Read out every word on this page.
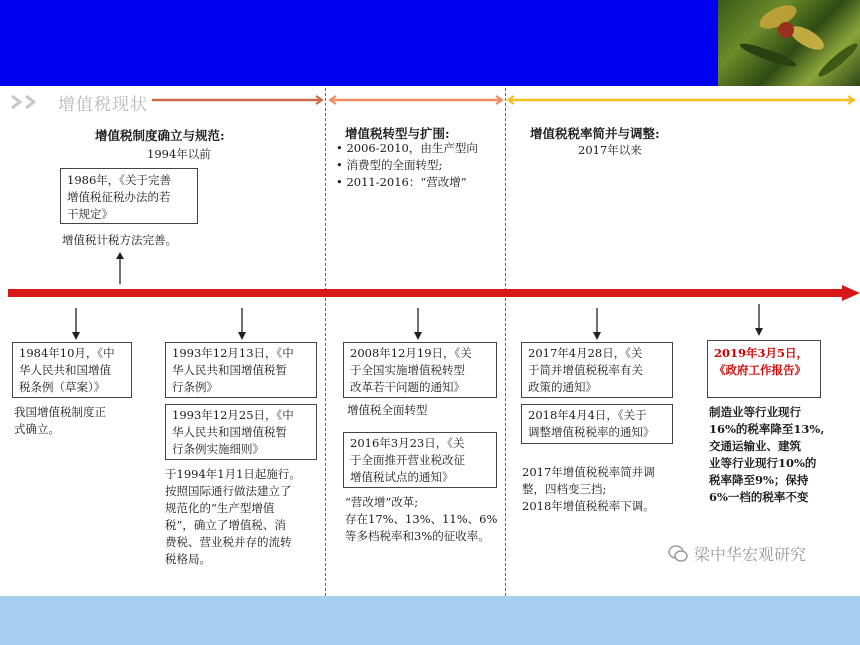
增值税现状
增值税制度确立与规范:
1994年以前
增值税转型与扩围:
• 2006-2010，由生产型向
• 消费型的全面转型;
• 2011-2016：“营改增”
增值税税率简并与调整:
2017年以来
1986年，《关于完善
增值税征税办法的若
干规定》
增值税计税方法完善。
1984年10月，《中
华人民共和国增值
税条例（草案）》
我国增值税制度正
式确立。
1993年12月13日，《中
华人民共和国增值税暂
行条例》
1993年12月25日，《中
华人民共和国增值税暂
行条例实施细则》
于1994年1月1日起施行。
按照国际通行做法建立了
规范化的“生产型增值
税”，确立了增值税、消
费税、营业税并存的流转
税格局。
2008年12月19日，《关
于全国实施增值税转型
改革若干问题的通知》
增值税全面转型
2016年3月23日，《关
于全面推开营业税改征
增值税试点的通知》
“营改增”改革;
存在17%、13%、11%、6%
等多档税率和3%的征收率。
2017年4月28日，《关
于简并增值税税率有关
政策的通知》
2018年4月4日，《关于
调整增值税税率的通知》
2017年增值税税率简并调
整，四档变三挡;
2018年增值税税率下调。
2019年3月5日，
《政府工作报告》
制造业等行业现行
16%的税率降至13%,
交通运输业、建筑
业等行业现行10%的
税率降至9%；保持
6%一档的税率不变
梁中华宏观研究
